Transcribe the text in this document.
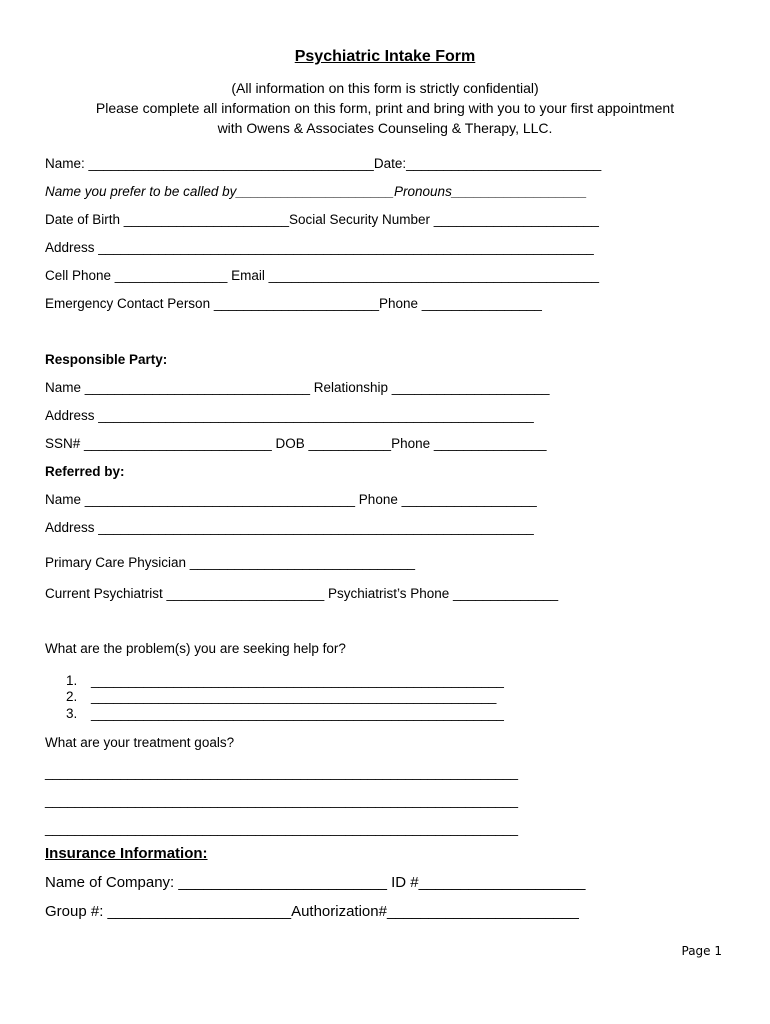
Psychiatric Intake Form
(All information on this form is strictly confidential)
Please complete all information on this form, print and bring with you to your first appointment
with Owens & Associates Counseling & Therapy, LLC.
Name: ______________________________________Date:__________________________
Name you prefer to be called by_____________________Pronouns__________________
Date of Birth ______________________Social Security Number ______________________
Address __________________________________________________________________
Cell Phone _______________ Email ____________________________________________
Emergency Contact Person ______________________Phone ________________
Responsible Party:
Name ______________________________ Relationship _____________________
Address __________________________________________________________
SSN# _________________________ DOB ___________Phone _______________
Referred by:
Name ____________________________________ Phone __________________
Address __________________________________________________________
Primary Care Physician ______________________________
Current Psychiatrist _____________________ Psychiatrist’s Phone ______________
What are the problem(s) you are seeking help for?
1. _______________________________________________________
2. ______________________________________________________
3. _______________________________________________________
What are your treatment goals?
_______________________________________________________________
_______________________________________________________________
_______________________________________________________________
Insurance Information:
Name of Company: _________________________ ID #____________________
Group #: ______________________Authorization#_______________________
Page 1
